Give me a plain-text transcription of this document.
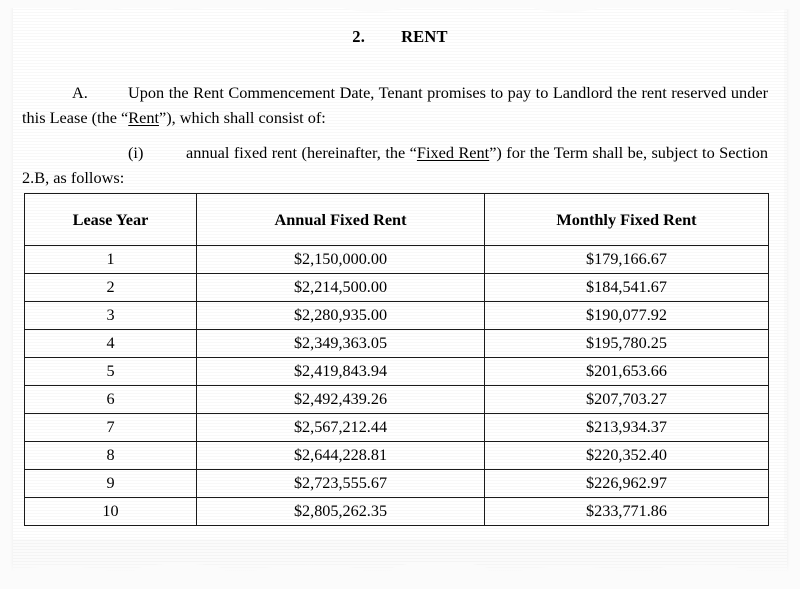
2. RENT

A. Upon the Rent Commencement Date, Tenant promises to pay to Landlord the rent reserved under this Lease (the “Rent”), which shall consist of:

(i)	annual fixed rent (hereinafter, the “Fixed Rent”) for the Term shall be, subject to Section 2.B, as follows:

Lease Year	Annual Fixed Rent	Monthly Fixed Rent
1	$2,150,000.00	$179,166.67
2	$2,214,500.00	$184,541.67
3	$2,280,935.00	$190,077.92
4	$2,349,363.05	$195,780.25
5	$2,419,843.94	$201,653.66
6	$2,492,439.26	$207,703.27
7	$2,567,212.44	$213,934.37
8	$2,644,228.81	$220,352.40
9	$2,723,555.67	$226,962.97
10	$2,805,262.35	$233,771.86
